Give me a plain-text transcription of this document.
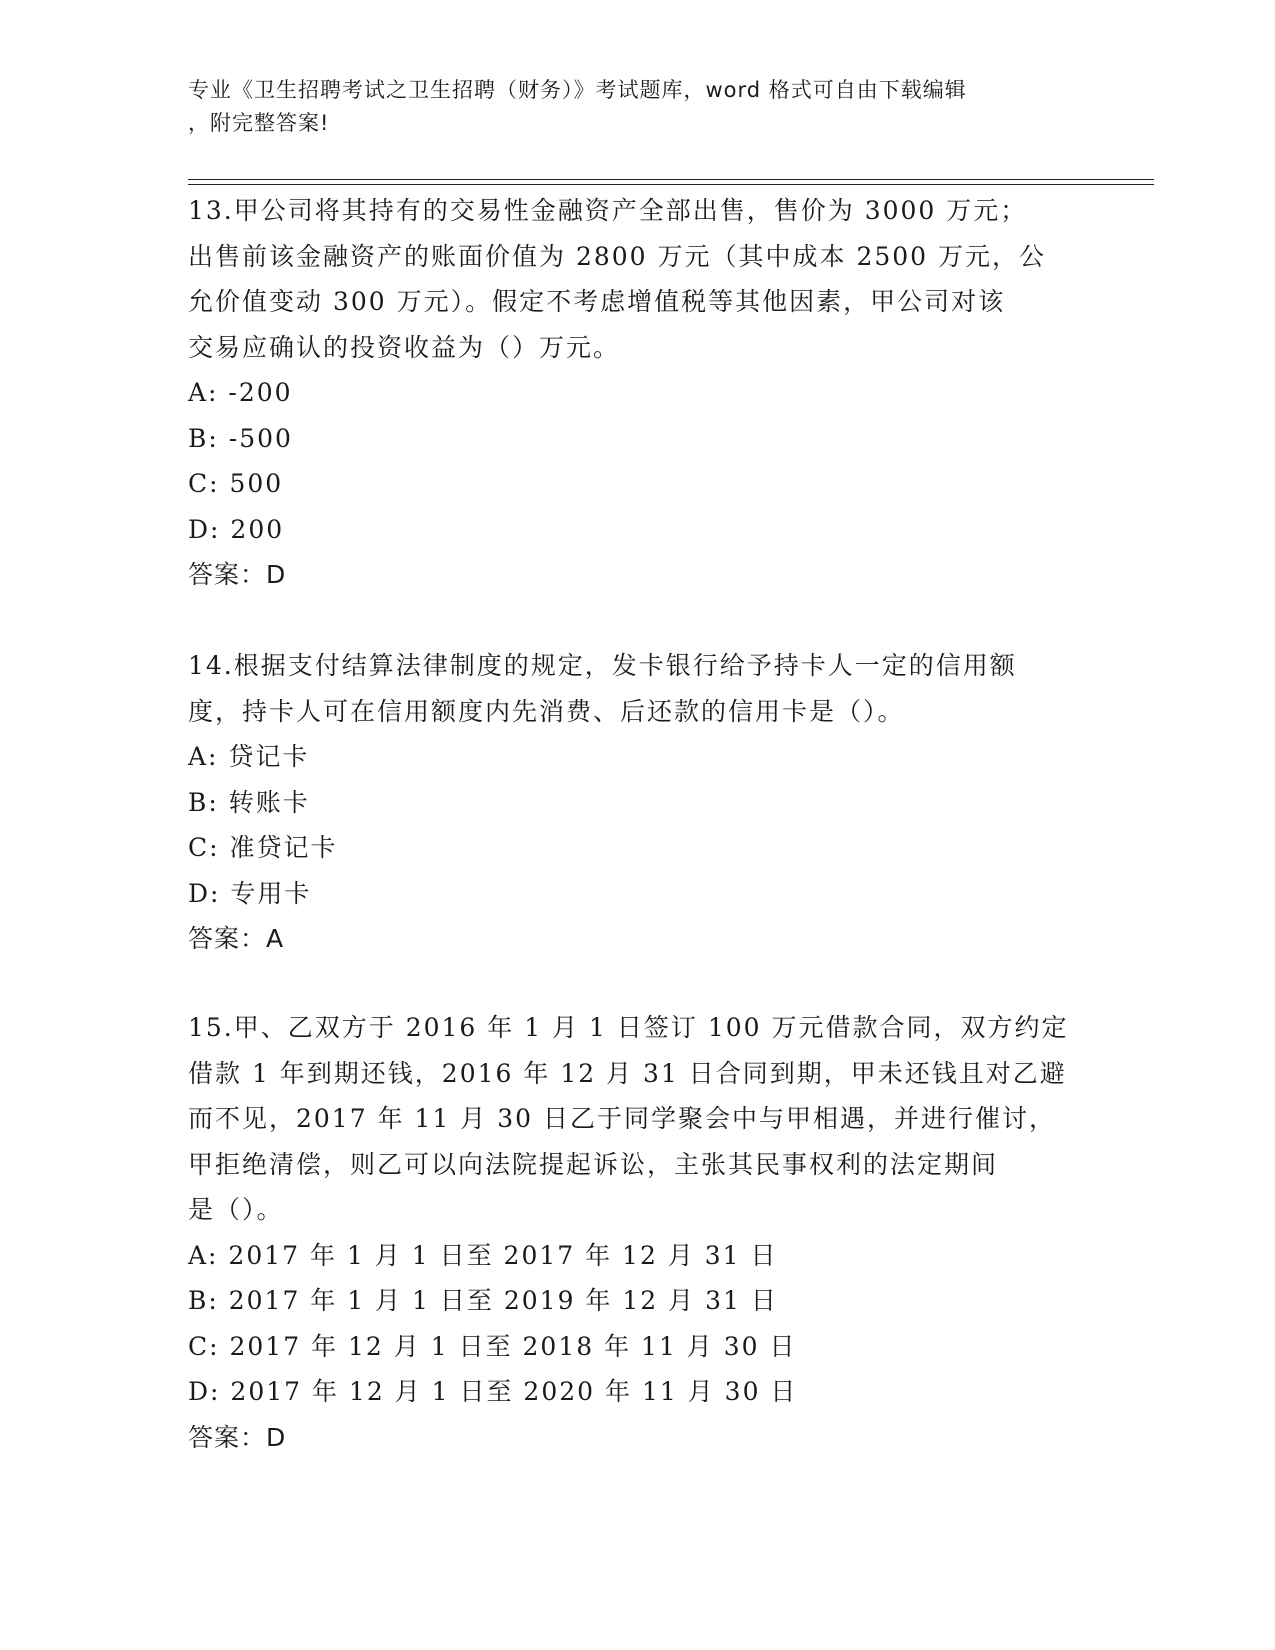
专业《卫生招聘考试之卫生招聘（财务）》考试题库，word 格式可自由下载编辑
，附完整答案!

13.甲公司将其持有的交易性金融资产全部出售，售价为 3000 万元；

出售前该金融资产的账面价值为 2800 万元（其中成本 2500 万元，公

允价值变动 300 万元）。假定不考虑增值税等其他因素，甲公司对该

交易应确认的投资收益为（）万元。

A: -200

B: -500

C: 500

D: 200

答案：D

14.根据支付结算法律制度的规定，发卡银行给予持卡人一定的信用额

度，持卡人可在信用额度内先消费、后还款的信用卡是（）。

A: 贷记卡

B: 转账卡

C: 准贷记卡

D: 专用卡

答案：A

15.甲、乙双方于 2016 年 1 月 1 日签订 100 万元借款合同，双方约定

借款 1 年到期还钱，2016 年 12 月 31 日合同到期，甲未还钱且对乙避

而不见，2017 年 11 月 30 日乙于同学聚会中与甲相遇，并进行催讨，

甲拒绝清偿，则乙可以向法院提起诉讼，主张其民事权利的法定期间

是（）。

A: 2017 年 1 月 1 日至 2017 年 12 月 31 日

B: 2017 年 1 月 1 日至 2019 年 12 月 31 日

C: 2017 年 12 月 1 日至 2018 年 11 月 30 日

D: 2017 年 12 月 1 日至 2020 年 11 月 30 日

答案：D
